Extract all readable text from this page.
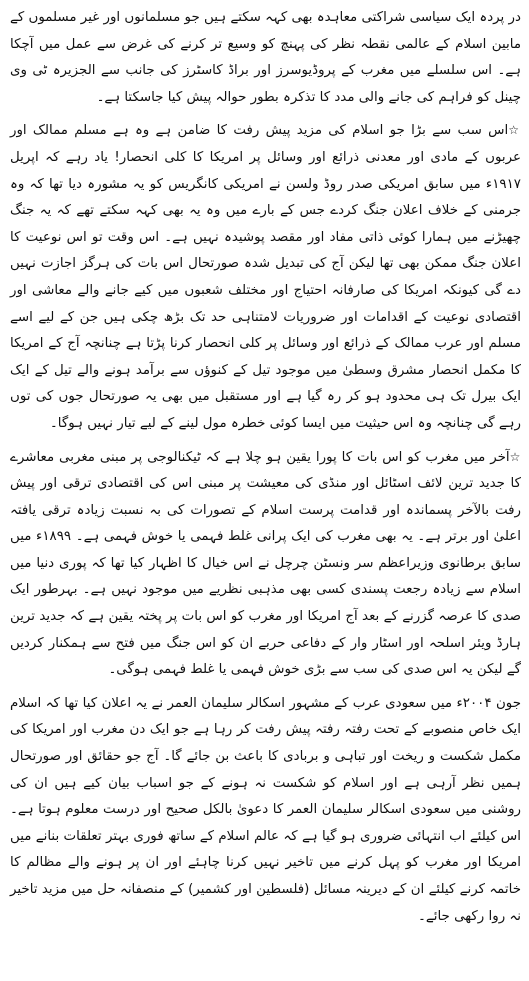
در پردہ ایک سیاسی شراکتی معاہدہ بھی کہہ سکتے ہیں جو مسلمانوں اور غیر مسلموں کے مابین اسلام کے عالمی نقطہ نظر کی پہنچ کو وسیع تر کرنے کی غرض سے عمل میں آچکا ہے۔ اس سلسلے میں مغرب کے پروڈیوسرز اور براڈ کاسٹرز کی جانب سے الجزیرہ ٹی وی چینل کو فراہم کی جانے والی مدد کا تذکرہ بطور حوالہ پیش کیا جاسکتا ہے۔

☆اس سب سے بڑا جو اسلام کی مزید پیش رفت کا ضامن ہے وہ ہے مسلم ممالک اور عربوں کے مادی اور معدنی ذرائع اور وسائل پر امریکا کا کلی انحصار! یاد رہے کہ اپریل ۱۹۱۷ء میں سابق امریکی صدر روڈ ولسن نے امریکی کانگریس کو یہ مشورہ دیا تھا کہ وہ جرمنی کے خلاف اعلان جنگ کردے جس کے بارے میں وہ یہ بھی کہہ سکتے تھے کہ یہ جنگ چھیڑنے میں ہمارا کوئی ذاتی مفاد اور مقصد پوشیدہ نہیں ہے۔ اس وقت تو اس نوعیت کا اعلان جنگ ممکن بھی تھا لیکن آج کی تبدیل شدہ صورتحال اس بات کی ہرگز اجازت نہیں دے گی کیونکہ امریکا کی صارفانہ احتیاج اور مختلف شعبوں میں کیے جانے والے معاشی اور اقتصادی نوعیت کے اقدامات اور ضروریات لامتناہی حد تک بڑھ چکی ہیں جن کے لیے اسے مسلم اور عرب ممالک کے ذرائع اور وسائل پر کلی انحصار کرنا پڑتا ہے چنانچہ آج کے امریکا کا مکمل انحصار مشرق وسطیٰ میں موجود تیل کے کنوؤں سے برآمد ہونے والے تیل کے ایک ایک بیرل تک ہی محدود ہو کر رہ گیا ہے اور مستقبل میں بھی یہ صورتحال جوں کی توں رہے گی چنانچہ وہ اس حیثیت میں ایسا کوئی خطرہ مول لینے کے لیے تیار نہیں ہوگا۔

☆آخر میں مغرب کو اس بات کا پورا یقین ہو چلا ہے کہ ٹیکنالوجی پر مبنی مغربی معاشرے کا جدید ترین لائف اسٹائل اور منڈی کی معیشت پر مبنی اس کی اقتصادی ترقی اور پیش رفت بالآخر پسماندہ اور قدامت پرست اسلام کے تصورات کی بہ نسبت زیادہ ترقی یافتہ اعلیٰ اور برتر ہے۔ یہ بھی مغرب کی ایک پرانی غلط فہمی یا خوش فہمی ہے۔ ۱۸۹۹ء میں سابق برطانوی وزیراعظم سر ونسٹن چرچل نے اس خیال کا اظہار کیا تھا کہ پوری دنیا میں اسلام سے زیادہ رجعت پسندی کسی بھی مذہبی نظریے میں موجود نہیں ہے۔ بہرطور ایک صدی کا عرصہ گزرنے کے بعد آج امریکا اور مغرب کو اس بات پر پختہ یقین ہے کہ جدید ترین ہارڈ ویئر اسلحہ اور اسٹار وار کے دفاعی حربے ان کو اس جنگ میں فتح سے ہمکنار کردیں گے لیکن یہ اس صدی کی سب سے بڑی خوش فہمی یا غلط فہمی ہوگی۔

جون ۲۰۰۴ء میں سعودی عرب کے مشہور اسکالر سلیمان العمر نے یہ اعلان کیا تھا کہ اسلام ایک خاص منصوبے کے تحت رفتہ رفتہ پیش رفت کر رہا ہے جو ایک دن مغرب اور امریکا کی مکمل شکست و ریخت اور تباہی و بربادی کا باعث بن جائے گا۔ آج جو حقائق اور صورتحال ہمیں نظر آرہی ہے اور اسلام کو شکست نہ ہونے کے جو اسباب بیان کیے ہیں ان کی روشنی میں سعودی اسکالر سلیمان العمر کا دعویٰ بالکل صحیح اور درست معلوم ہوتا ہے۔ اس کیلئے اب انتہائی ضروری ہو گیا ہے کہ عالم اسلام کے ساتھ فوری بہتر تعلقات بنانے میں امریکا اور مغرب کو پہل کرنے میں تاخیر نہیں کرنا چاہئے اور ان پر ہونے والے مظالم کا خاتمہ کرنے کیلئے ان کے دیرینہ مسائل (فلسطین اور کشمیر) کے منصفانہ حل میں مزید تاخیر نہ روا رکھی جائے۔
